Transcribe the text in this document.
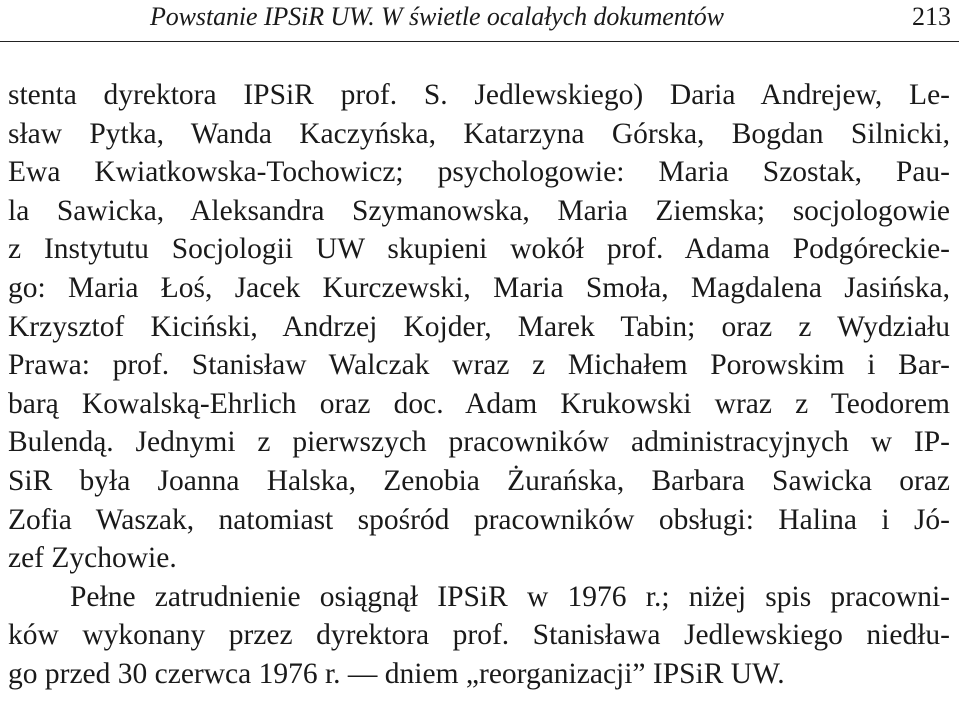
Powstanie IPSiR UW. W świetle ocalałych dokumentów	213
stenta dyrektora IPSiR prof. S. Jedlewskiego) Daria Andrejew, Le-
sław Pytka, Wanda Kaczyńska, Katarzyna Górska, Bogdan Silnicki,
Ewa Kwiatkowska-Tochowicz; psychologowie: Maria Szostak, Pau-
la Sawicka, Aleksandra Szymanowska, Maria Ziemska; socjologowie
z Instytutu Socjologii UW skupieni wokół prof. Adama Podgóreckie-
go: Maria Łoś, Jacek Kurczewski, Maria Smoła, Magdalena Jasińska,
Krzysztof Kiciński, Andrzej Kojder, Marek Tabin; oraz z Wydziału
Prawa: prof. Stanisław Walczak wraz z Michałem Porowskim i Bar-
barą Kowalską-Ehrlich oraz doc. Adam Krukowski wraz z Teodorem
Bulendą. Jednymi z pierwszych pracowników administracyjnych w IP-
SiR była Joanna Halska, Zenobia Żurańska, Barbara Sawicka oraz
Zofia Waszak, natomiast spośród pracowników obsługi: Halina i Jó-
zef Zychowie.
Pełne zatrudnienie osiągnął IPSiR w 1976 r.; niżej spis pracowni-
ków wykonany przez dyrektora prof. Stanisława Jedlewskiego niedłu-
go przed 30 czerwca 1976 r. — dniem „reorganizacji” IPSiR UW.
